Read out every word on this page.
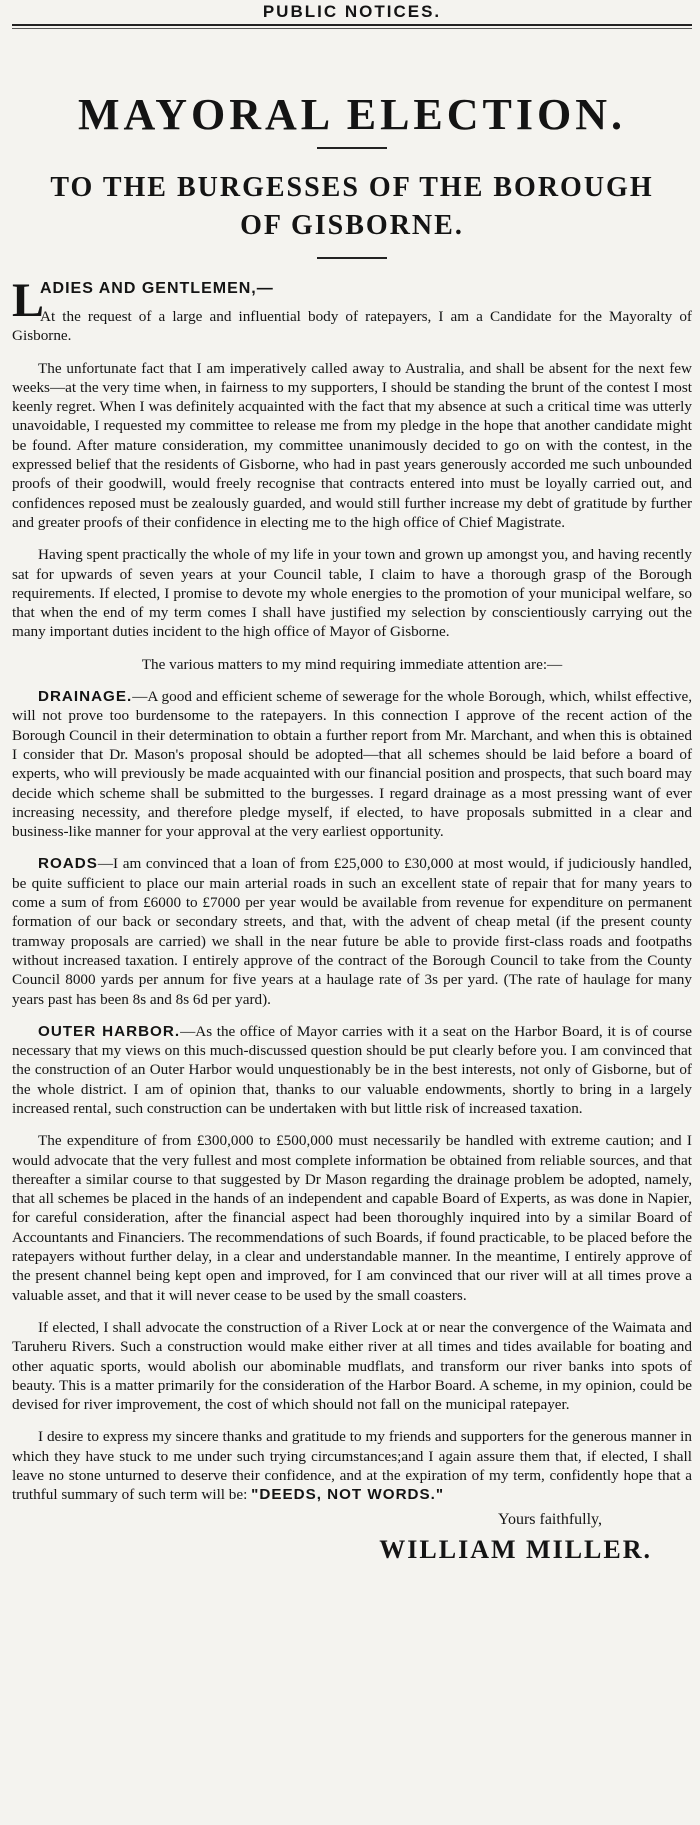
PUBLIC NOTICES.
MAYORAL ELECTION.
TO THE BURGESSES OF THE BOROUGH OF GISBORNE.
L
ADIES AND GENTLEMEN,—

At the request of a large and influential body of ratepayers, I am a Candidate for the Mayoralty of Gisborne.

The unfortunate fact that I am imperatively called away to Australia, and shall be absent for the next few weeks—at the very time when, in fairness to my supporters, I should be standing the brunt of the contest I most keenly regret. When I was definitely acquainted with the fact that my absence at such a critical time was utterly unavoidable, I requested my committee to release me from my pledge in the hope that another candidate might be found. After mature consideration, my committee unanimously decided to go on with the contest, in the expressed belief that the residents of Gisborne, who had in past years generously accorded me such unbounded proofs of their goodwill, would freely recognise that contracts entered into must be loyally carried out, and confidences reposed must be zealously guarded, and would still further increase my debt of gratitude by further and greater proofs of their confidence in electing me to the high office of Chief Magistrate.

Having spent practically the whole of my life in your town and grown up amongst you, and having recently sat for upwards of seven years at your Council table, I claim to have a thorough grasp of the Borough requirements. If elected, I promise to devote my whole energies to the promotion of your municipal welfare, so that when the end of my term comes I shall have justified my selection by conscientiously carrying out the many important duties incident to the high office of Mayor of Gisborne.

The various matters to my mind requiring immediate attention are:—

DRAINAGE.—A good and efficient scheme of sewerage for the whole Borough, which, whilst effective, will not prove too burdensome to the ratepayers. In this connection I approve of the recent action of the Borough Council in their determination to obtain a further report from Mr. Marchant, and when this is obtained I consider that Dr. Mason's proposal should be adopted—that all schemes should be laid before a board of experts, who will previously be made acquainted with our financial position and prospects, that such board may decide which scheme shall be submitted to the burgesses. I regard drainage as a most pressing want of ever increasing necessity, and therefore pledge myself, if elected, to have proposals submitted in a clear and business-like manner for your approval at the very earliest opportunity.

ROADS—I am convinced that a loan of from £25,000 to £30,000 at most would, if judiciously handled, be quite sufficient to place our main arterial roads in such an excellent state of repair that for many years to come a sum of from £6000 to £7000 per year would be available from revenue for expenditure on permanent formation of our back or secondary streets, and that, with the advent of cheap metal (if the present county tramway proposals are carried) we shall in the near future be able to provide first-class roads and footpaths without increased taxation. I entirely approve of the contract of the Borough Council to take from the County Council 8000 yards per annum for five years at a haulage rate of 3s per yard. (The rate of haulage for many years past has been 8s and 8s 6d per yard).

OUTER HARBOR.—As the office of Mayor carries with it a seat on the Harbor Board, it is of course necessary that my views on this much-discussed question should be put clearly before you. I am convinced that the construction of an Outer Harbor would unquestionably be in the best interests, not only of Gisborne, but of the whole district. I am of opinion that, thanks to our valuable endowments, shortly to bring in a largely increased rental, such construction can be undertaken with but little risk of increased taxation.

The expenditure of from £300,000 to £500,000 must necessarily be handled with extreme caution; and I would advocate that the very fullest and most complete information be obtained from reliable sources, and that thereafter a similar course to that suggested by Dr Mason regarding the drainage problem be adopted, namely, that all schemes be placed in the hands of an independent and capable Board of Experts, as was done in Napier, for careful consideration, after the financial aspect had been thoroughly inquired into by a similar Board of Accountants and Financiers. The recommendations of such Boards, if found practicable, to be placed before the ratepayers without further delay, in a clear and understandable manner. In the meantime, I entirely approve of the present channel being kept open and improved, for I am convinced that our river will at all times prove a valuable asset, and that it will never cease to be used by the small coasters.

If elected, I shall advocate the construction of a River Lock at or near the convergence of the Waimata and Taruheru Rivers. Such a construction would make either river at all times and tides available for boating and other aquatic sports, would abolish our abominable mudflats, and transform our river banks into spots of beauty. This is a matter primarily for the consideration of the Harbor Board. A scheme, in my opinion, could be devised for river improvement, the cost of which should not fall on the municipal ratepayer.

I desire to express my sincere thanks and gratitude to my friends and supporters for the generous manner in which they have stuck to me under such trying circumstances;and I again assure them that, if elected, I shall leave no stone unturned to deserve their confidence, and at the expiration of my term, confidently hope that a truthful summary of such term will be: "DEEDS, NOT WORDS."

Yours faithfully,
WILLIAM MILLER.
